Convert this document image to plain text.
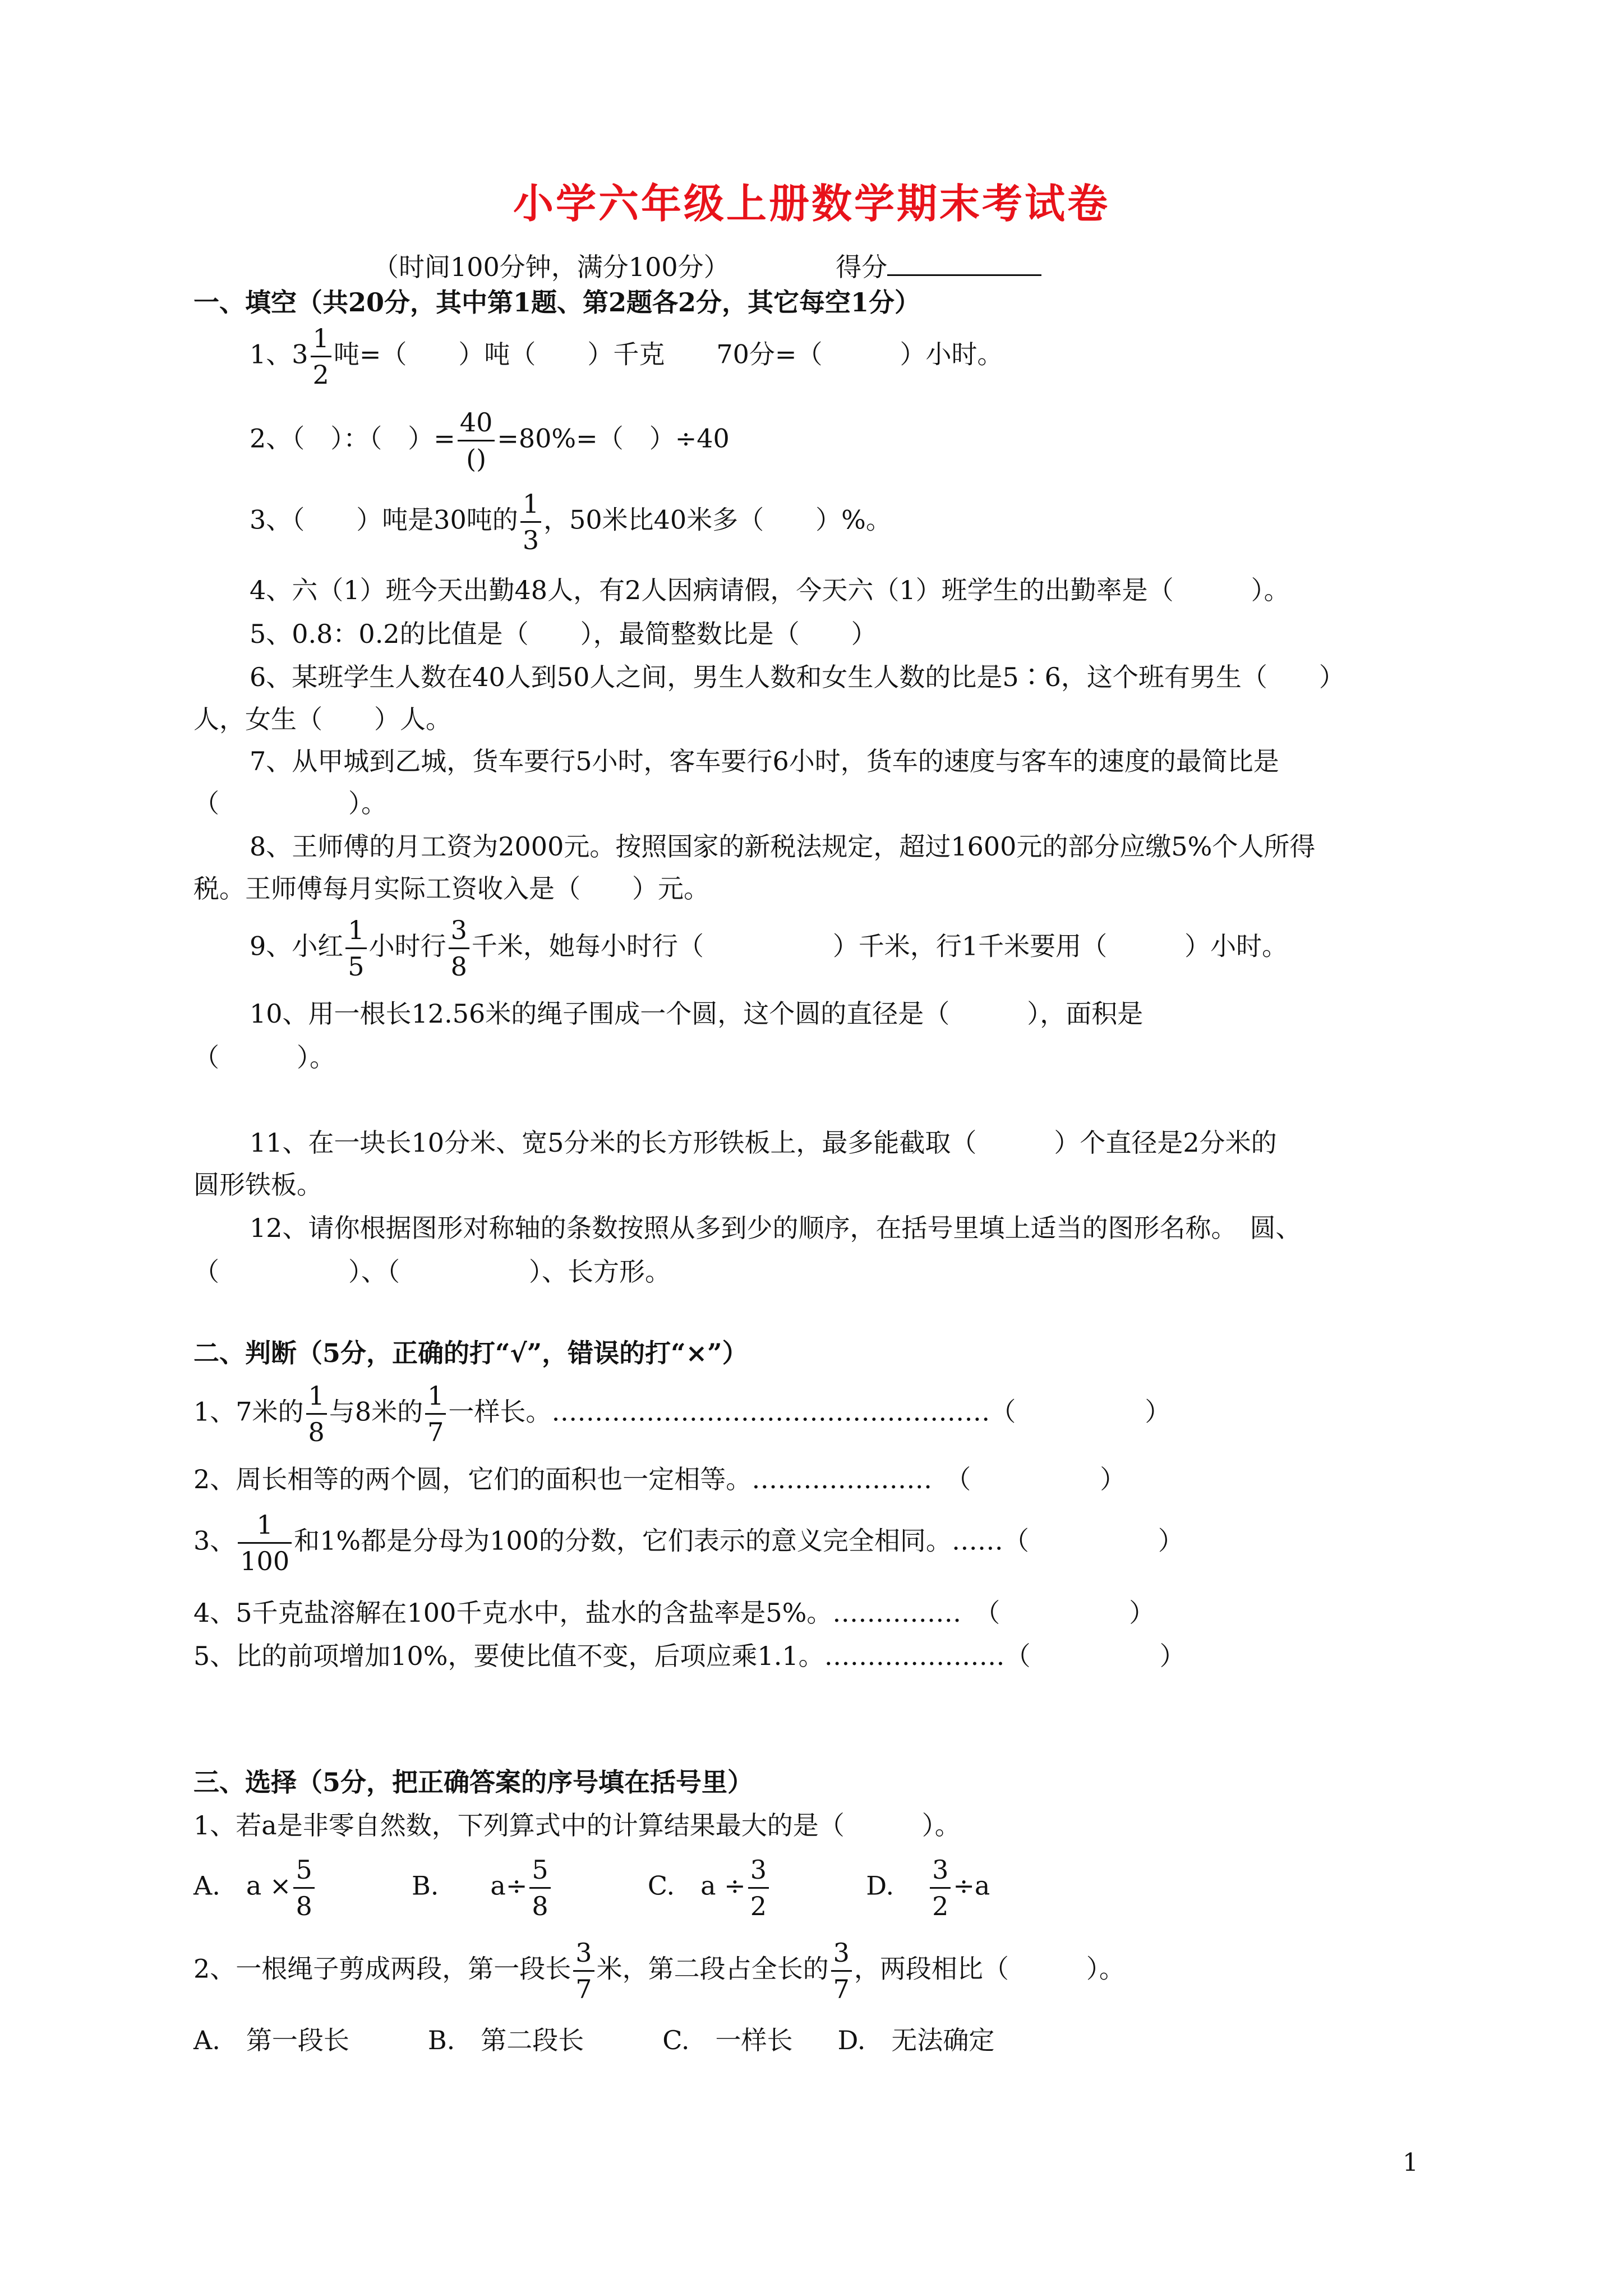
小学六年级上册数学期末考试卷
（时间100分钟，满分100分）	得分
一、填空（共20分，其中第1题、第2题各2分，其它每空1分）
1、$3 \frac{1}{2}$ 吨=（　　）吨（　　）千克　　70分=（　　　）小时。
2、（　）：（　）= $\frac{40}{()} =80\%=$（　）÷40
3、（　　）吨是30吨的 $\frac{1}{3}$ ，50米比40米多（　　）%。
4、六（1）班今天出勤48人，有2人因病请假，今天六（1）班学生的出勤率是（　　　）。
5、0.8：0.2的比值是（　　），最简整数比是（　　）
6、某班学生人数在40人到50人之间，男生人数和女生人数的比是5∶6，这个班有男生（　　）
人，女生（　　）人。
7、从甲城到乙城，货车要行5小时，客车要行6小时，货车的速度与客车的速度的最简比是
（　　　　　）。
8、王师傅的月工资为2000元。按照国家的新税法规定，超过1600元的部分应缴5%个人所得
税。王师傅每月实际工资收入是（　　）元。
9、小红 $\frac{1}{5}$ 小时行 $\frac{3}{8}$ 千米，她每小时行（　　　　　）千米，行1千米要用（　　　）小时。
10、用一根长12.56米的绳子围成一个圆，这个圆的直径是（　　　），面积是
（　　　）。
11、在一块长10分米、宽5分米的长方形铁板上，最多能截取（　　　）个直径是2分米的
圆形铁板。
12、请你根据图形对称轴的条数按照从多到少的顺序，在括号里填上适当的图形名称。　圆、
（　　　　　）、（　　　　　）、长方形。
二、判断（5分，正确的打“√”，错误的打“×”）
1、7米的 $\frac{1}{8}$ 与8米的 $\frac{1}{7}$ 一样长。……………………………………………（　　　　　）
2、周长相等的两个圆，它们的面积也一定相等。…………………　（　　　　　）
3、 $\frac{1}{100}$ 和1%都是分母为100的分数，它们表示的意义完全相同。……（　　　　　）
4、5千克盐溶解在100千克水中，盐水的含盐率是5%。……………　（　　　　　）
5、比的前项增加10%，要使比值不变，后项应乘1.1。…………………（　　　　　）
三、选择（5分，把正确答案的序号填在括号里）
1、若a是非零自然数，下列算式中的计算结果最大的是（　　　）。
A.　$a \times \frac{5}{8}$	B.　　$a\div \frac{5}{8}$	C.　$a \div \frac{3}{2}$	D. $\frac{3}{2} \div a$
2、一根绳子剪成两段，第一段长 $\frac{3}{7}$ 米，第二段占全长的 $\frac{3}{7}$ ，两段相比（　　　）。
A.　第一段长	B.　第二段长	C.　一样长 D.　无法确定
1
